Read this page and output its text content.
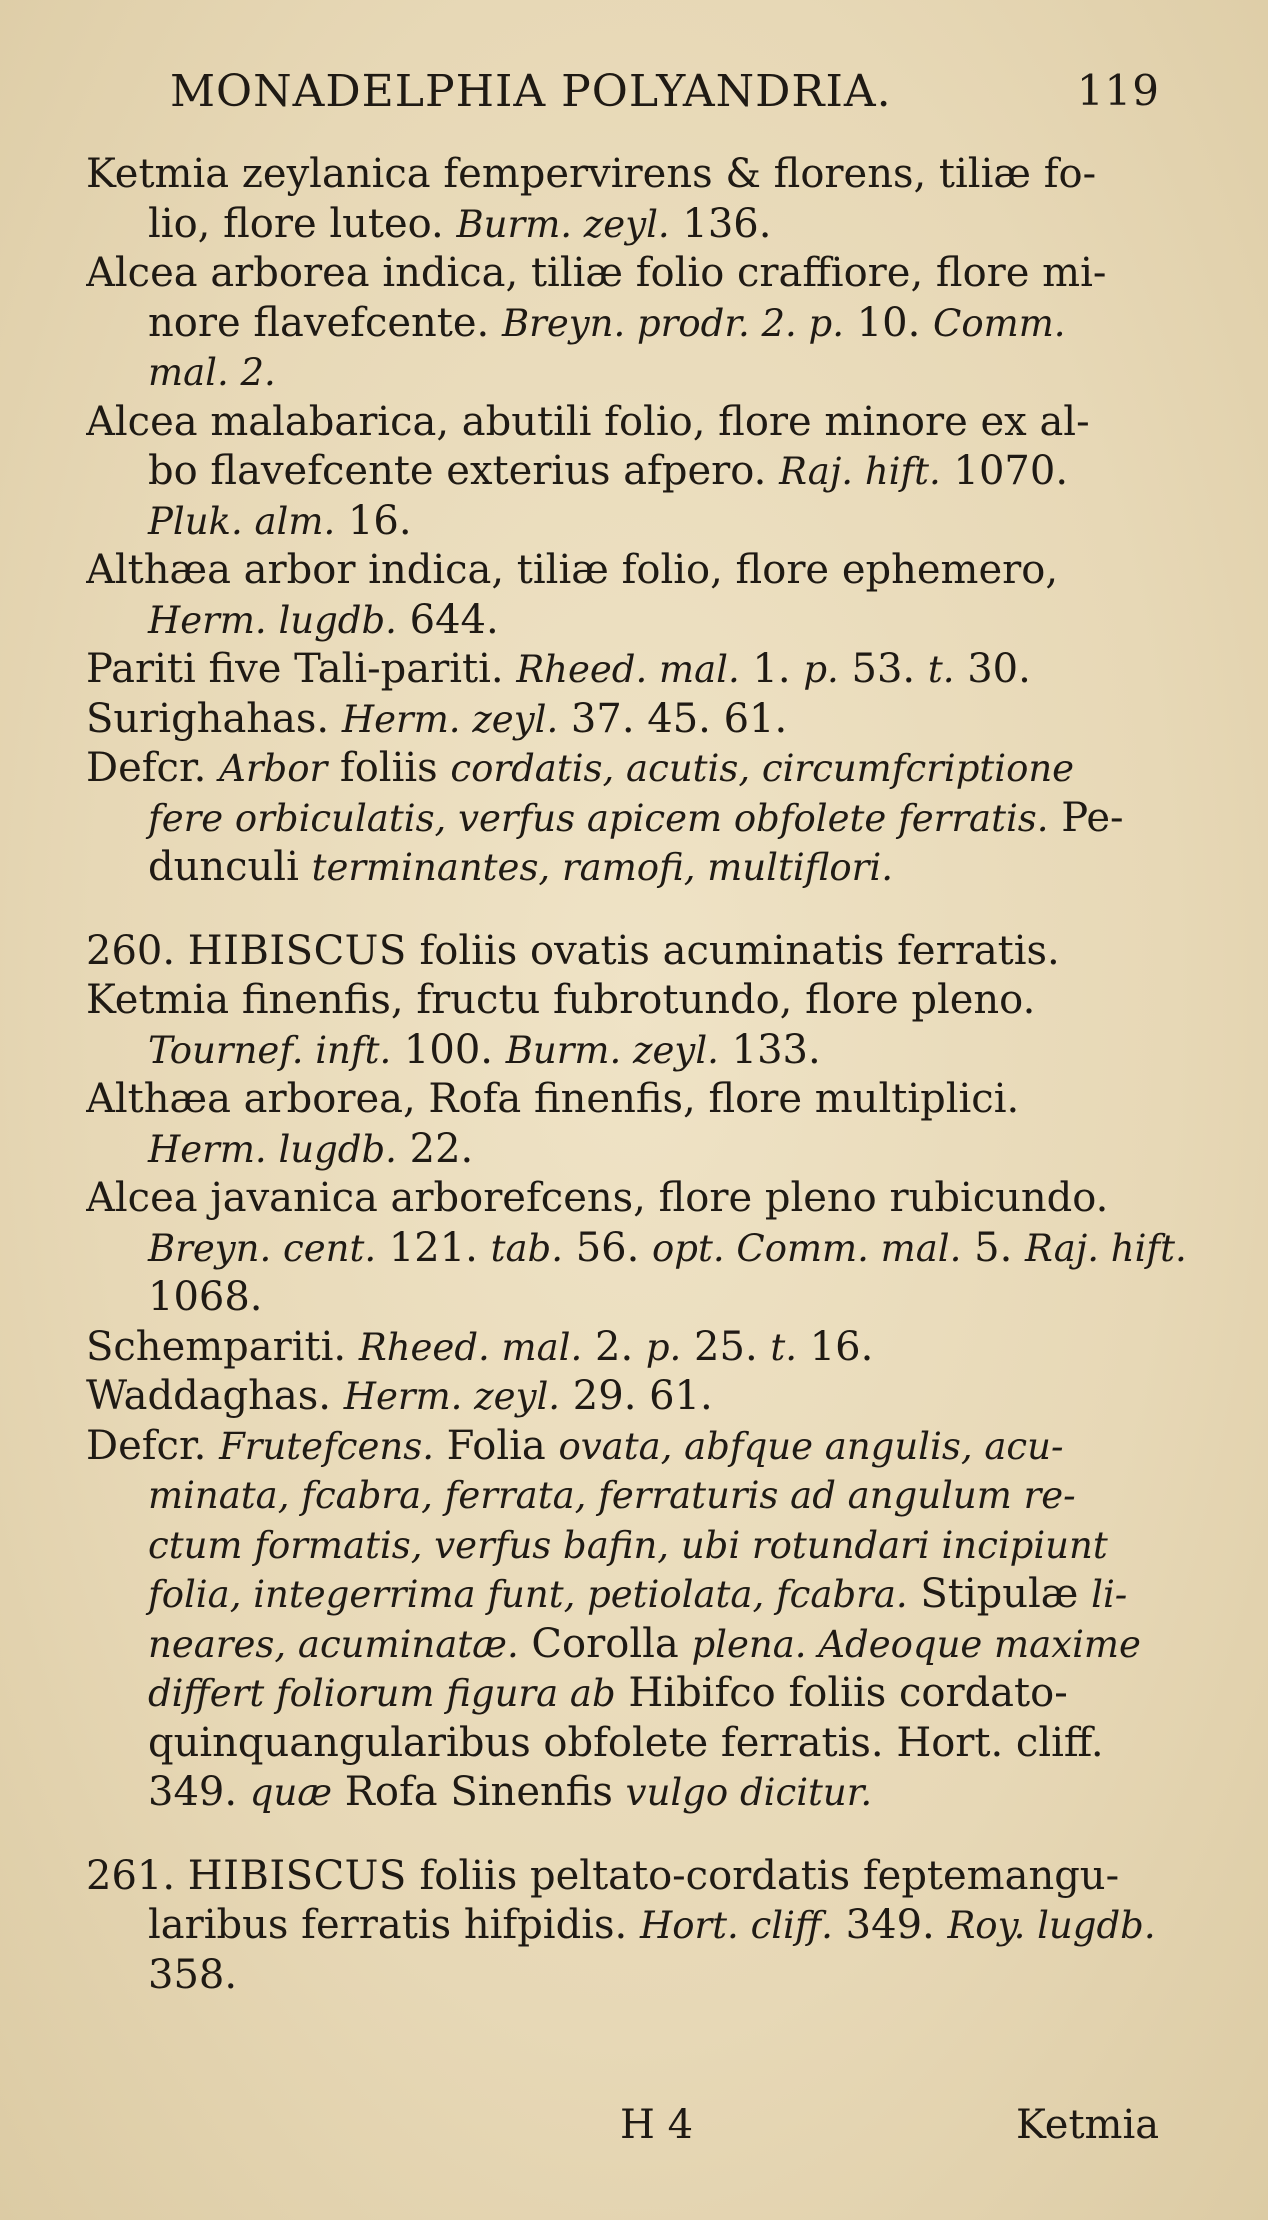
MONADELPHIA POLYANDRIA.	119
Ketmia zeylanica fempervirens & florens, tiliæ fo-
lio, flore luteo. Burm. zeyl. 136.
Alcea arborea indica, tiliæ folio craffiore, flore mi-
nore flavefcente. Breyn. prodr. 2. p. 10. Comm.
mal. 2.
Alcea malabarica, abutili folio, flore minore ex al-
bo flavefcente exterius afpero. Raj. hift. 1070.
Pluk. alm. 16.
Althæa arbor indica, tiliæ folio, flore ephemero,
Herm. lugdb. 644.
Pariti five Tali-pariti. Rheed. mal. 1. p. 53. t. 30.
Surighahas. Herm. zeyl. 37. 45. 61.
Defcr. Arbor foliis cordatis, acutis, circumfcriptione
fere orbiculatis, verfus apicem obfolete ferratis. Pe-
dunculi terminantes, ramofi, multiflori.
260. HIBISCUS foliis ovatis acuminatis ferratis.
Ketmia finenfis, fructu fubrotundo, flore pleno.
Tournef. inft. 100. Burm. zeyl. 133.
Althæa arborea, Rofa finenfis, flore multiplici.
Herm. lugdb. 22.
Alcea javanica arborefcens, flore pleno rubicundo.
Breyn. cent. 121. tab. 56. opt. Comm. mal. 5. Raj. hift.
1068.
Schempariti. Rheed. mal. 2. p. 25. t. 16.
Waddaghas. Herm. zeyl. 29. 61.
Defcr. Frutefcens. Folia ovata, abfque angulis, acu-
minata, fcabra, ferrata, ferraturis ad angulum re-
ctum formatis, verfus bafin, ubi rotundari incipiunt
folia, integerrima funt, petiolata, fcabra. Stipulæ li-
neares, acuminatæ. Corolla plena. Adeoque maxime
differt foliorum figura ab Hibifco foliis cordato-
quinquangularibus obfolete ferratis. Hort. cliff.
349. quæ Rofa Sinenfis vulgo dicitur.
261. HIBISCUS foliis peltato-cordatis feptemangu-
laribus ferratis hifpidis. Hort. cliff. 349. Roy. lugdb.
358.
H 4	Ketmia
